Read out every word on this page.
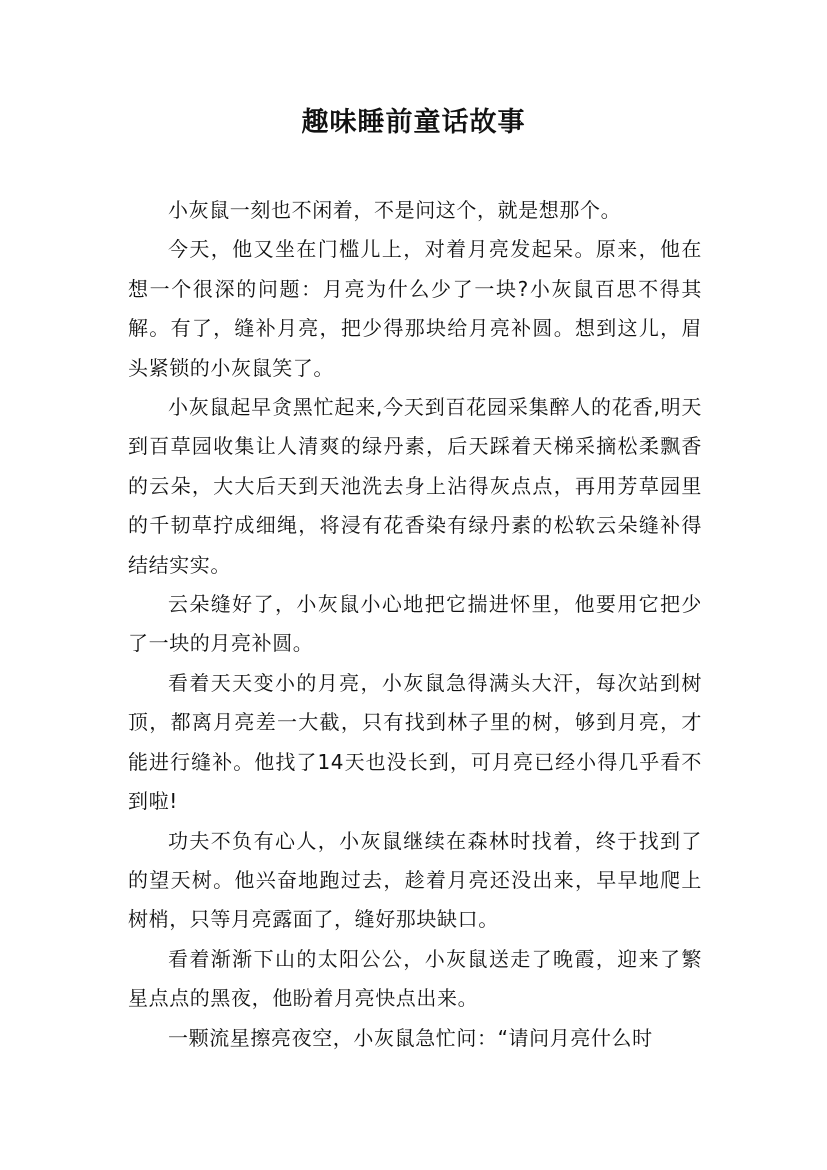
趣味睡前童话故事

小灰鼠一刻也不闲着，不是问这个，就是想那个。

今天，他又坐在门槛儿上，对着月亮发起呆。原来，他在想一个很深的问题：月亮为什么少了一块?小灰鼠百思不得其解。有了，缝补月亮，把少得那块给月亮补圆。想到这儿，眉头紧锁的小灰鼠笑了。

小灰鼠起早贪黑忙起来,今天到百花园采集醉人的花香,明天到百草园收集让人清爽的绿丹素，后天踩着天梯采摘松柔飘香的云朵，大大后天到天池洗去身上沾得灰点点，再用芳草园里的千韧草拧成细绳，将浸有花香染有绿丹素的松软云朵缝补得结结实实。

云朵缝好了，小灰鼠小心地把它揣进怀里，他要用它把少了一块的月亮补圆。

看着天天变小的月亮，小灰鼠急得满头大汗，每次站到树顶，都离月亮差一大截，只有找到林子里的树，够到月亮，才能进行缝补。他找了14天也没长到，可月亮已经小得几乎看不到啦!

功夫不负有心人，小灰鼠继续在森林时找着，终于找到了的望天树。他兴奋地跑过去，趁着月亮还没出来，早早地爬上树梢，只等月亮露面了，缝好那块缺口。

看着渐渐下山的太阳公公，小灰鼠送走了晚霞，迎来了繁星点点的黑夜，他盼着月亮快点出来。

一颗流星擦亮夜空，小灰鼠急忙问：“请问月亮什么时
